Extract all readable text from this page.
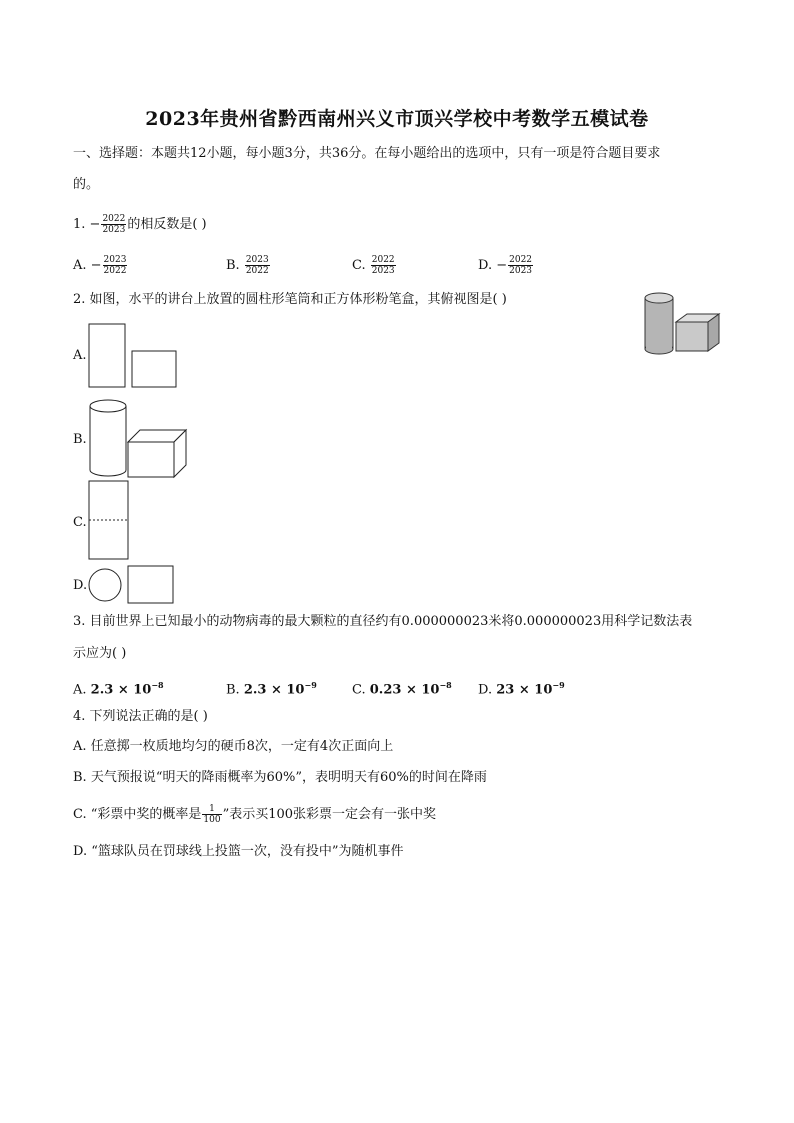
2023年贵州省黔西南州兴义市顶兴学校中考数学五模试卷
一、选择题：本题共12小题，每小题3分，共36分。在每小题给出的选项中，只有一项是符合题目要求
的。
1. − $\frac{2022}{2023}$ 的相反数是( )
A. − $\frac{2023}{2022}$	B. $\frac{2023}{2022}$	C. $\frac{2022}{2023}$	D. − $\frac{2022}{2023}$
2. 如图，水平的讲台上放置的圆柱形笔筒和正方体形粉笔盒，其俯视图是( )
A.
B.
C.
D.
3. 目前世界上已知最小的动物病毒的最大颗粒的直径约有0.000000023米将0.000000023用科学记数法表
示应为( )
A. $2.3 \times 10^{-8}$	B. $2.3 \times 10^{-9}$	C. $0.23 \times 10^{-8}$ D. $23 \times 10^{-9}$
4. 下列说法正确的是( )
A. 任意掷一枚质地均匀的硬币8次，一定有4次正面向上
B. 天气预报说“明天的降雨概率为60%”，表明明天有60%的时间在降雨
C. “彩票中奖的概率是 $\frac{1}{100}$ ”表示买100张彩票一定会有一张中奖
D. “篮球队员在罚球线上投篮一次，没有投中”为随机事件
